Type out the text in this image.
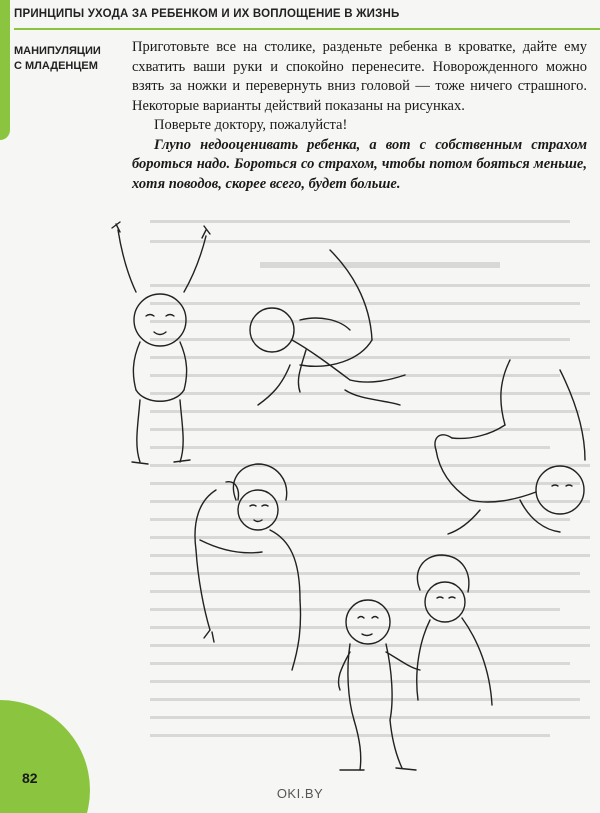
ПРИНЦИПЫ УХОДА ЗА РЕБЕНКОМ И ИХ ВОПЛОЩЕНИЕ В ЖИЗНЬ
МАНИПУЛЯЦИИ
С МЛАДЕНЦЕМ

Приготовьте все на столике, разденьте ребенка в кроватке, дайте ему схватить ваши руки и спокойно перенесите. Новорожденного можно взять за ножки и перевернуть вниз головой — тоже ничего страшного. Некоторые варианты действий показаны на рисунках.

Поверьте доктору, пожалуйста!

Глупо недооценивать ребенка, а вот с собственным страхом бороться надо. Бороться со страхом, чтобы потом бояться меньше, хотя поводов, скорее всего, будет больше.

82
OKI.BY
